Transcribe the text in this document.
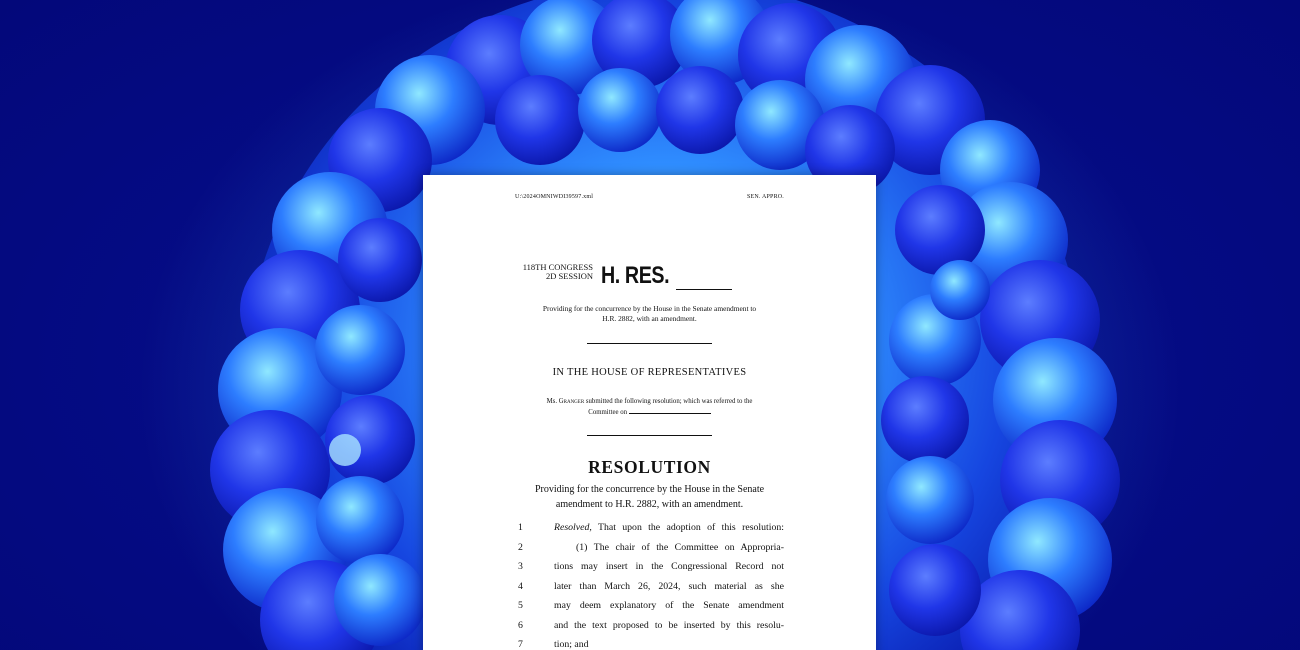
U:\2024OMNIWDI39597.xml	SEN. APPRO.
118TH CONGRESS
2D SESSION H. RES.
Providing for the concurrence by the House in the Senate amendment to
H.R. 2882, with an amendment.
IN THE HOUSE OF REPRESENTATIVES
Ms. Granger submitted the following resolution; which was referred to the
Committee on
RESOLUTION
Providing for the concurrence by the House in the Senate
amendment to H.R. 2882, with an amendment.
1	Resolved, That upon the adoption of this resolution:
2	(1) The chair of the Committee on Appropria-
3	tions may insert in the Congressional Record not
4	later than March 26, 2024, such material as she
5	may deem explanatory of the Senate amendment
6	and the text proposed to be inserted by this resolu-
7	tion; and
